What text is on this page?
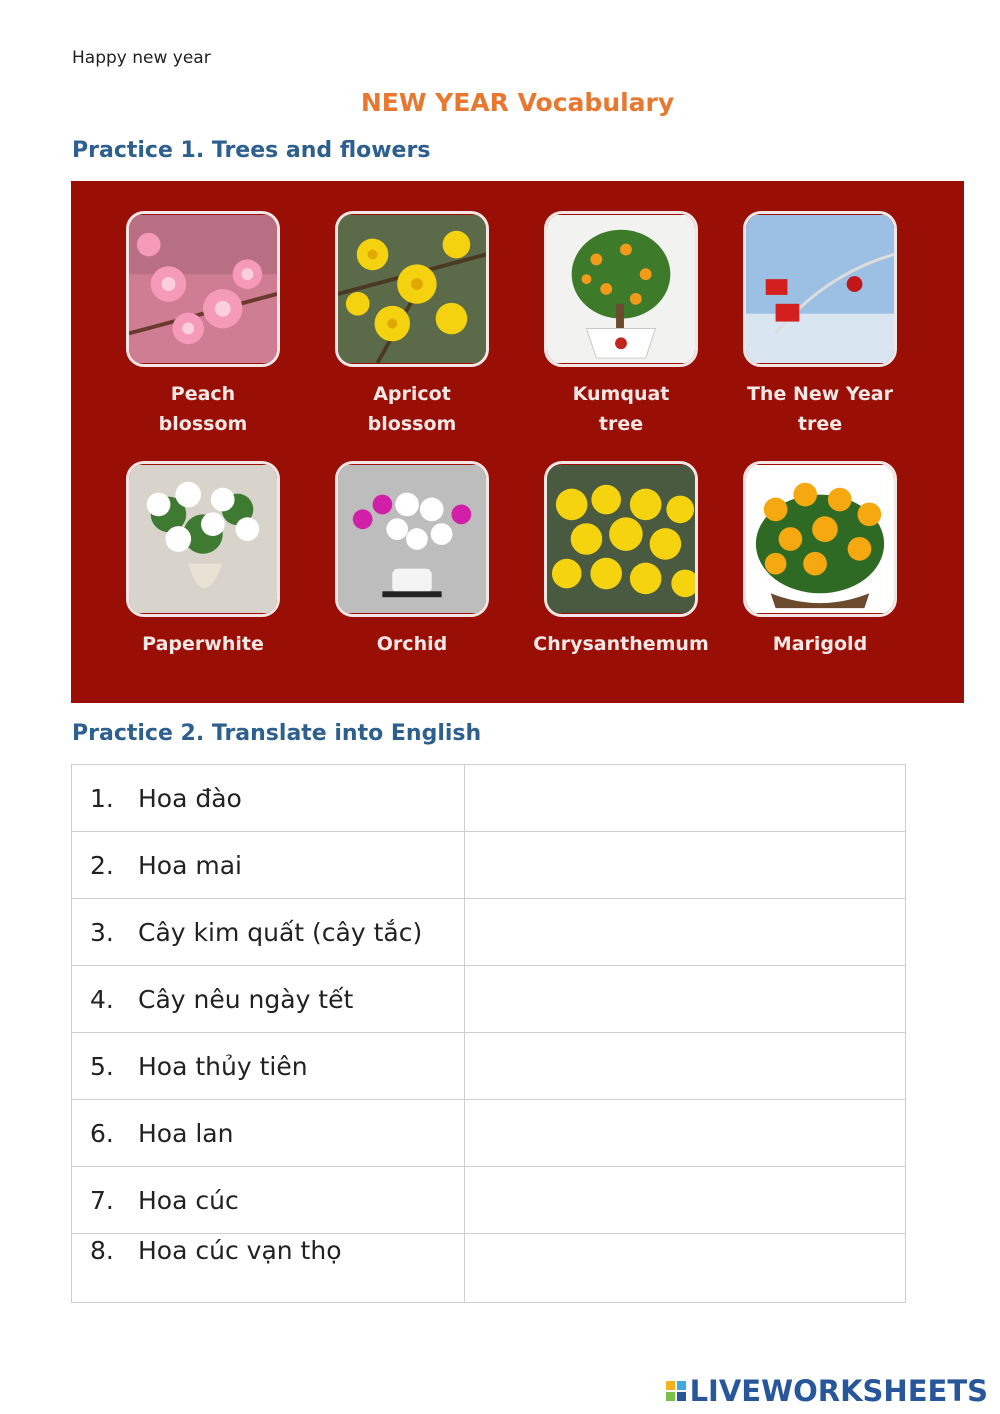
Happy new year
NEW YEAR Vocabulary
Practice 1. Trees and flowers
Peach
blossom
Apricot
blossom
Kumquat
tree
The New Year
tree
Paperwhite	Orchid	Chrysanthemum	Marigold
Practice 2. Translate into English
1. Hoa đào	
2. Hoa mai	
3. Cây kim quất (cây tắc)	
4. Cây nêu ngày tết	
5. Hoa thủy tiên	
6. Hoa lan	
7. Hoa cúc	
8. Hoa cúc vạn thọ	
LIVEWORKSHEETS
